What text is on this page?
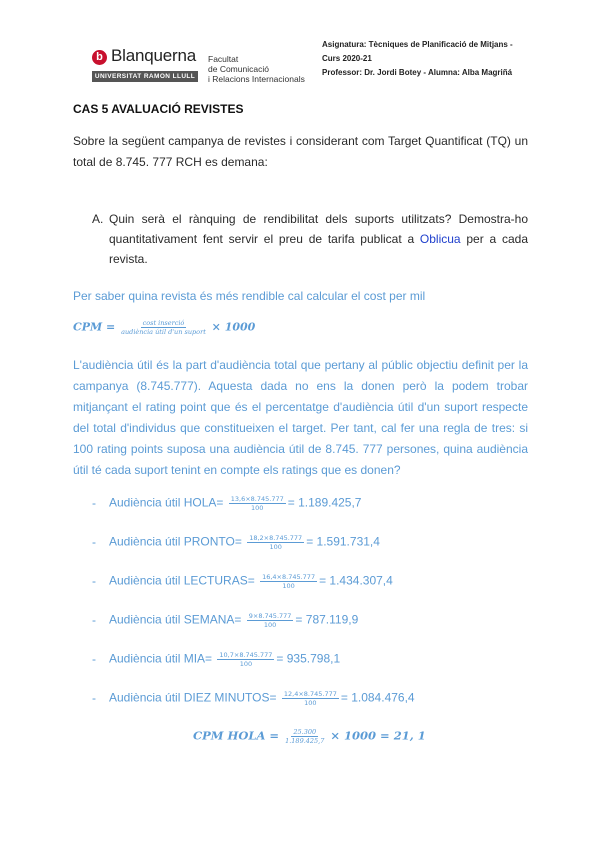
b Blanquerna
UNIVERSITAT RAMON LLULL
Facultat
de Comunicació
i Relacions Internacionals
Asignatura: Tècniques de Planificació de Mitjans -
Curs 2020-21
Professor: Dr. Jordi Botey - Alumna: Alba Magriñá
CAS 5 AVALUACIÓ REVISTES
Sobre la següent campanya de revistes i considerant com Target Quantificat (TQ) un total de 8.745. 777 RCH es demana:
A. Quin serà el rànquing de rendibilitat dels suports utilitzats? Demostra-ho quantitativament fent servir el preu de tarifa publicat a Oblicua per a cada revista.
Per saber quina revista és més rendible cal calcular el cost per mil
CPM = $\frac{\text{cost inserció}}{\text{audiència útil d'un suport}} \times 1000$
L'audiència útil és la part d'audiència total que pertany al públic objectiu definit per la campanya (8.745.777). Aquesta dada no ens la donen però la podem trobar mitjançant el rating point que és el percentatge d'audiència útil d'un suport respecte del total d'individus que constitueixen el target. Per tant, cal fer una regla de tres: si 100 rating points suposa una audiència útil de 8.745. 777 persones, quina audiència útil té cada suport tenint en compte els ratings que es donen?
- Audiència útil HOLA= $\frac{13,6\times 8.745.777}{100} = 1.189.425,7$
- Audiència útil PRONTO= $\frac{18,2\times 8.745.777}{100} = 1.591.731,4$
- Audiència útil LECTURAS= $\frac{16,4\times 8.745.777}{100} = 1.434.307,4$
- Audiència útil SEMANA= $\frac{9\times 8.745.777}{100} = 787.119,9$
- Audiència útil $MIA= \frac{10,7\times 8.745.777}{100} = 935.798,1$
- Audiència útil DIEZ MINUTOS= $\frac{12,4\times 8.745.777}{100} = 1.084.476,4$
CPM HOLA = $\frac{25.300}{1.189.425,7} \times 1000 = 21$, 1
